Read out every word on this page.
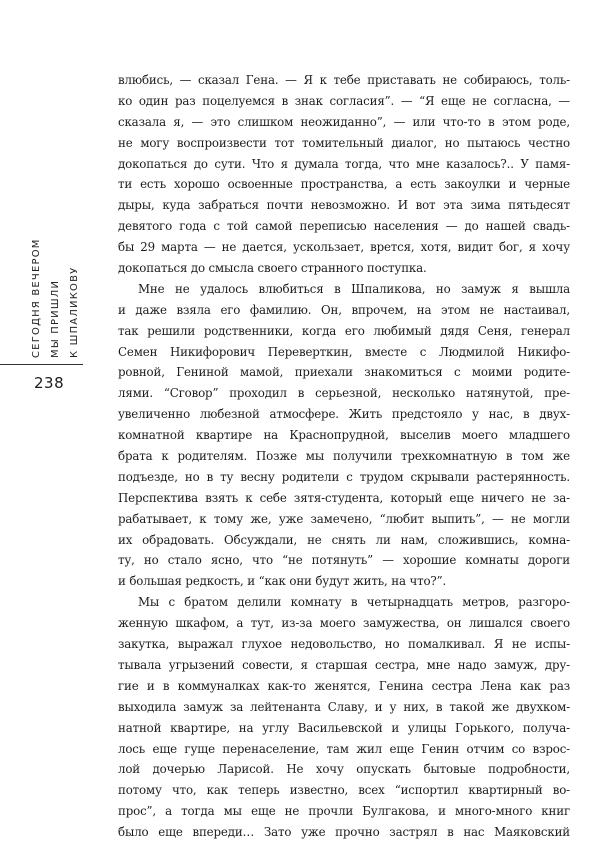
СЕГОДНЯ ВЕЧЕРОМ МЫ ПРИШЛИ К ШПАЛИКОВУ
238
влюбись, — сказал Гена. — Я к тебе приставать не собираюсь, толь-
ко один раз поцелуемся в знак согласия”. — “Я еще не согласна, —
сказала я, — это слишком неожиданно”, — или что-то в этом роде,
не могу воспроизвести тот томительный диалог, но пытаюсь честно
докопаться до сути. Что я думала тогда, что мне казалось?.. У памя-
ти есть хорошо освоенные пространства, а есть закоулки и черные
дыры, куда забраться почти невозможно. И вот эта зима пятьдесят
девятого года с той самой переписью населения — до нашей свадь-
бы 29 марта — не дается, ускользает, врется, хотя, видит бог, я хочу
докопаться до смысла своего странного поступка.
Мне не удалось влюбиться в Шпаликова, но замуж я вышла
и даже взяла его фамилию. Он, впрочем, на этом не настаивал,
так решили родственники, когда его любимый дядя Сеня, генерал
Семен Никифорович Переверткин, вместе с Людмилой Никифо-
ровной, Гениной мамой, приехали знакомиться с моими родите-
лями. “Сговор” проходил в серьезной, несколько натянутой, пре-
увеличенно любезной атмосфере. Жить предстояло у нас, в двух-
комнатной квартире на Краснопрудной, выселив моего младшего
брата к родителям. Позже мы получили трехкомнатную в том же
подъезде, но в ту весну родители с трудом скрывали растерянность.
Перспектива взять к себе зятя-студента, который еще ничего не за-
рабатывает, к тому же, уже замечено, “любит выпить”, — не могли
их обрадовать. Обсуждали, не снять ли нам, сложившись, комна-
ту, но стало ясно, что “не потянуть” — хорошие комнаты дороги
и большая редкость, и “как они будут жить, на что?”.
Мы с братом делили комнату в четырнадцать метров, разгоро-
женную шкафом, а тут, из-за моего замужества, он лишался своего
закутка, выражал глухое недовольство, но помалкивал. Я не испы-
тывала угрызений совести, я старшая сестра, мне надо замуж, дру-
гие и в коммуналках как-то женятся, Генина сестра Лена как раз
выходила замуж за лейтенанта Славу, и у них, в такой же двухком-
натной квартире, на углу Васильевской и улицы Горького, получа-
лось еще гуще перенаселение, там жил еще Генин отчим со взрос-
лой дочерью Ларисой. Не хочу опускать бытовые подробности,
потому что, как теперь известно, всех “испортил квартирный во-
прос”, а тогда мы еще не прочли Булгакова, и много-много книг
было еще впереди… Зато уже прочно застрял в нас Маяковский
